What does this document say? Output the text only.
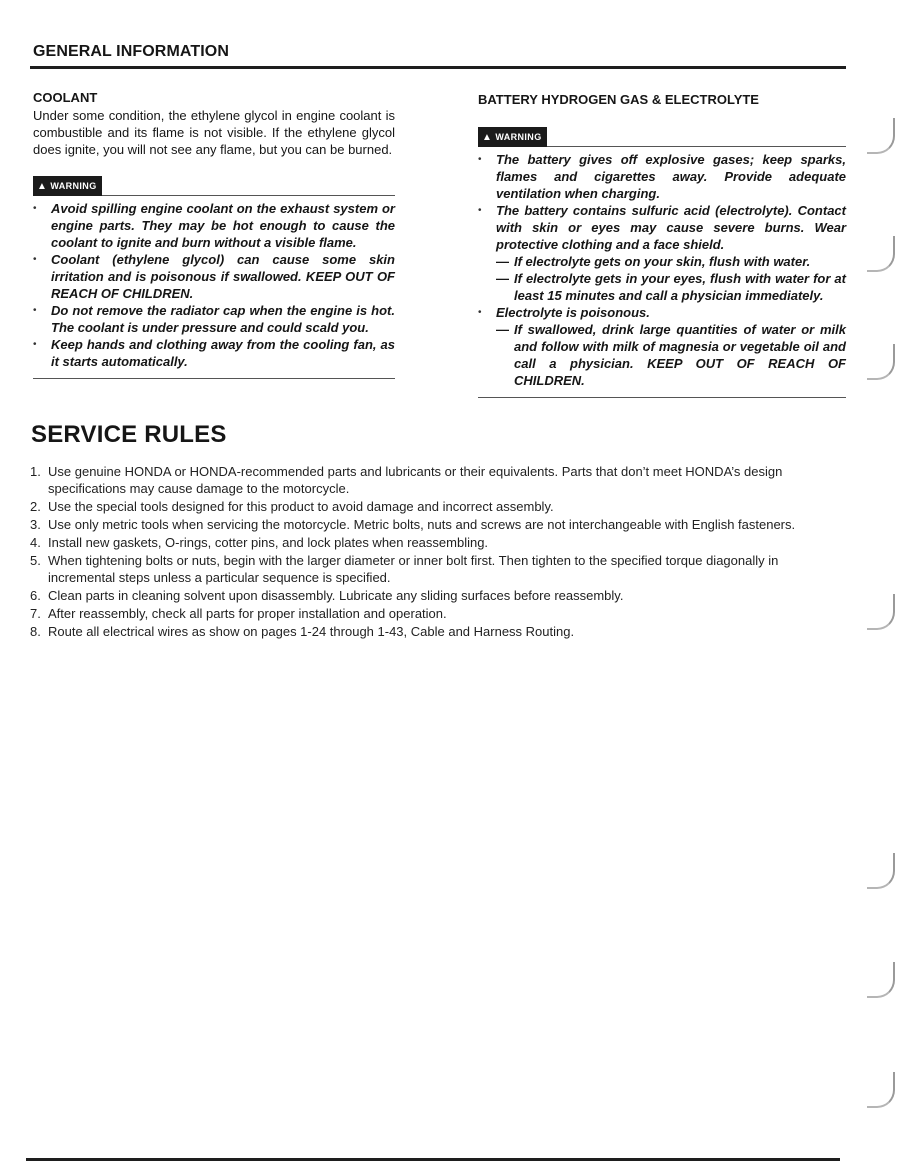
GENERAL INFORMATION
COOLANT

Under some condition, the ethylene glycol in engine coolant is combustible and its flame is not visible. If the ethylene glycol does ignite, you will not see any flame, but you can be burned.

▲ WARNING
• Avoid spilling engine coolant on the exhaust system or engine parts. They may be hot enough to cause the coolant to ignite and burn without a visible flame.
• Coolant (ethylene glycol) can cause some skin irritation and is poisonous if swallowed. KEEP OUT OF REACH OF CHILDREN.
• Do not remove the radiator cap when the engine is hot. The coolant is under pressure and could scald you.
• Keep hands and clothing away from the cooling fan, as it starts automatically.
BATTERY HYDROGEN GAS & ELECTROLYTE
▲ WARNING
• The battery gives off explosive gases; keep sparks, flames and cigarettes away. Provide adequate ventilation when charging.
• The battery contains sulfuric acid (electrolyte). Contact with skin or eyes may cause severe burns. Wear protective clothing and a face shield.
— If electrolyte gets on your skin, flush with water.
— If electrolyte gets in your eyes, flush with water for at least 15 minutes and call a physician immediately.
• Electrolyte is poisonous.
— If swallowed, drink large quantities of water or milk and follow with milk of magnesia or vegetable oil and call a physician. KEEP OUT OF REACH OF CHILDREN.
SERVICE RULES
1. Use genuine HONDA or HONDA-recommended parts and lubricants or their equivalents. Parts that don’t meet HONDA’s design specifications may cause damage to the motorcycle.
2. Use the special tools designed for this product to avoid damage and incorrect assembly.
3. Use only metric tools when servicing the motorcycle. Metric bolts, nuts and screws are not interchangeable with English fasteners.
4. Install new gaskets, O-rings, cotter pins, and lock plates when reassembling.
5. When tightening bolts or nuts, begin with the larger diameter or inner bolt first. Then tighten to the specified torque diagonally in incremental steps unless a particular sequence is specified.
6. Clean parts in cleaning solvent upon disassembly. Lubricate any sliding surfaces before reassembly.
7. After reassembly, check all parts for proper installation and operation.
8. Route all electrical wires as show on pages 1-24 through 1-43, Cable and Harness Routing.
